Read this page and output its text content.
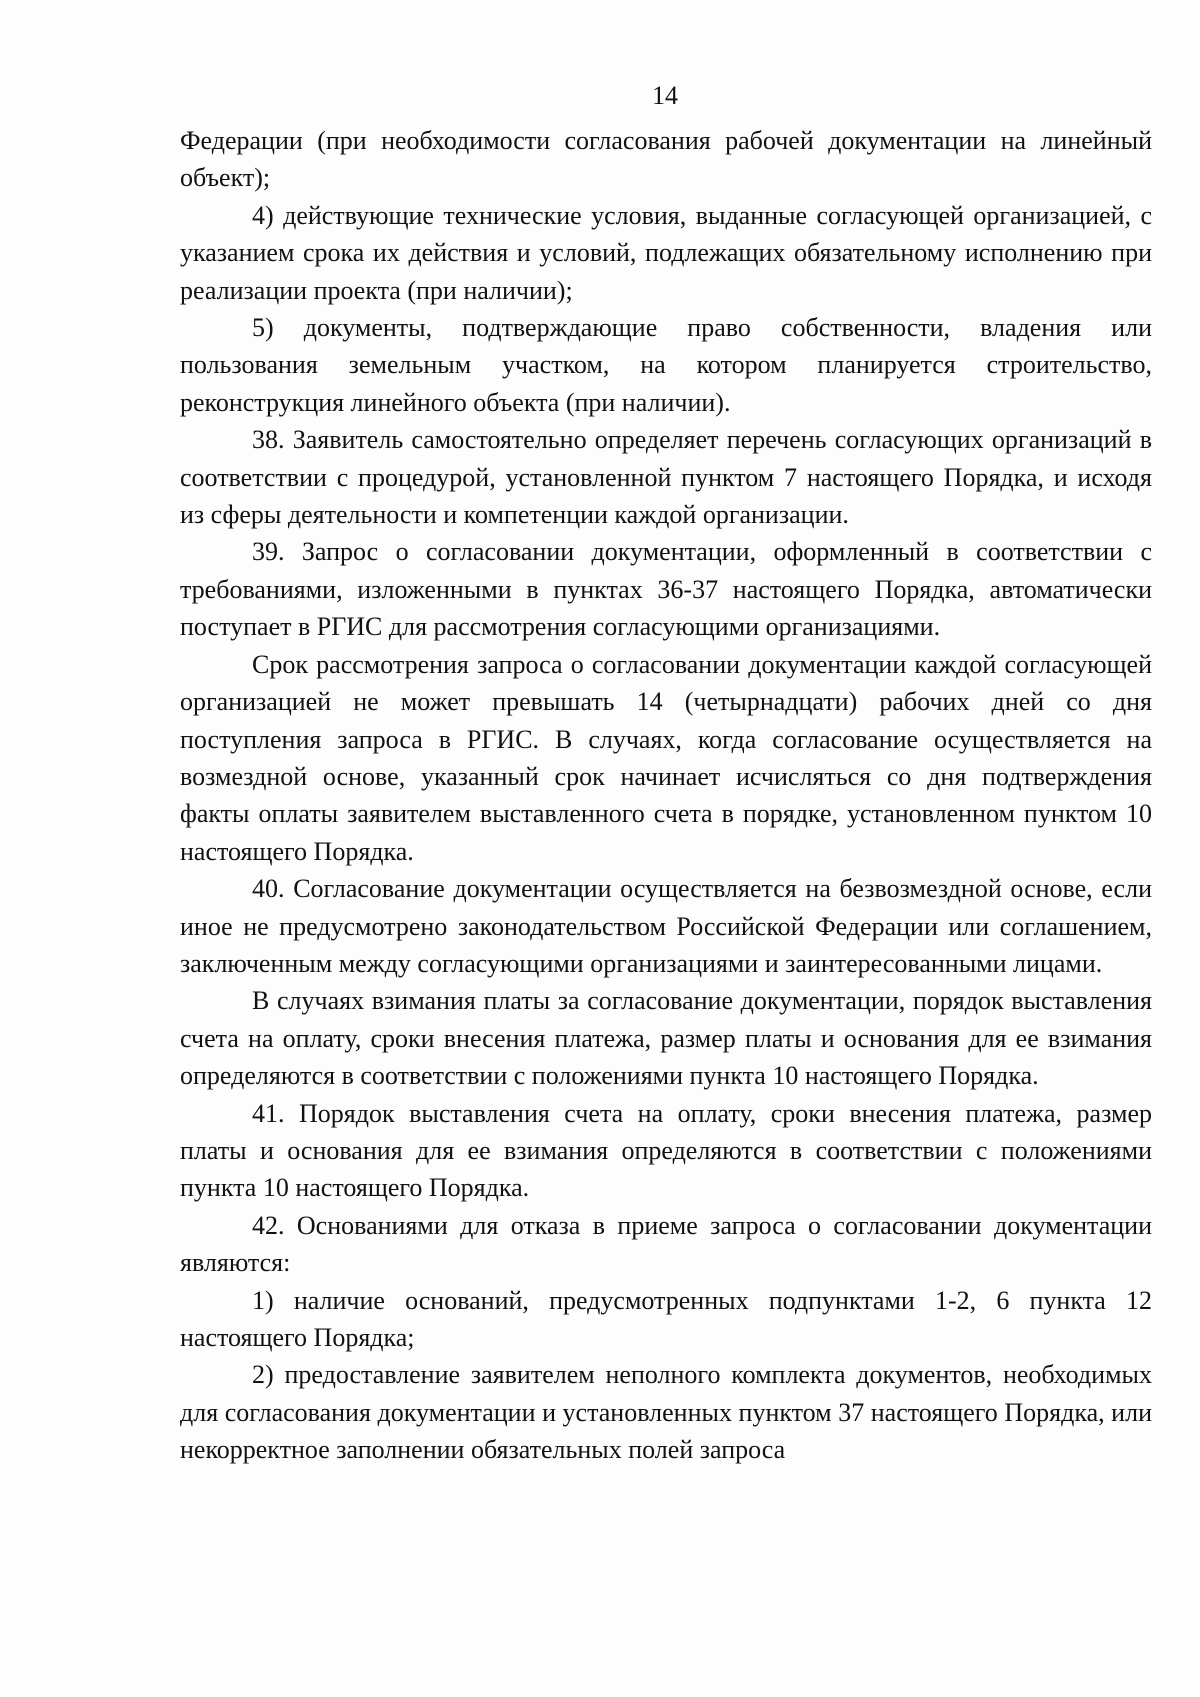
14

Федерации (при необходимости согласования рабочей документации на линейный объект);

4) действующие технические условия, выданные согласующей организацией, с указанием срока их действия и условий, подлежащих обязательному исполнению при реализации проекта (при наличии);

5) документы, подтверждающие право собственности, владения или пользования земельным участком, на котором планируется строительство, реконструкция линейного объекта (при наличии).

38. Заявитель самостоятельно определяет перечень согласующих организаций в соответствии с процедурой, установленной пунктом 7 настоящего Порядка, и исходя из сферы деятельности и компетенции каждой организации.

39. Запрос о согласовании документации, оформленный в соответствии с требованиями, изложенными в пунктах 36-37 настоящего Порядка, автоматически поступает в РГИС для рассмотрения согласующими организациями.

Срок рассмотрения запроса о согласовании документации каждой согласующей организацией не может превышать 14 (четырнадцати) рабочих дней со дня поступления запроса в РГИС. В случаях, когда согласование осуществляется на возмездной основе, указанный срок начинает исчисляться со дня подтверждения факты оплаты заявителем выставленного счета в порядке, установленном пунктом 10 настоящего Порядка.

40. Согласование документации осуществляется на безвозмездной основе, если иное не предусмотрено законодательством Российской Федерации или соглашением, заключенным между согласующими организациями и заинтересованными лицами.

В случаях взимания платы за согласование документации, порядок выставления счета на оплату, сроки внесения платежа, размер платы и основания для ее взимания определяются в соответствии с положениями пункта 10 настоящего Порядка.

41. Порядок выставления счета на оплату, сроки внесения платежа, размер платы и основания для ее взимания определяются в соответствии с положениями пункта 10 настоящего Порядка.

42. Основаниями для отказа в приеме запроса о согласовании документации являются:

1) наличие оснований, предусмотренных подпунктами 1-2, 6 пункта 12 настоящего Порядка;

2) предоставление заявителем неполного комплекта документов, необходимых для согласования документации и установленных пунктом 37 настоящего Порядка, или некорректное заполнении обязательных полей запроса
